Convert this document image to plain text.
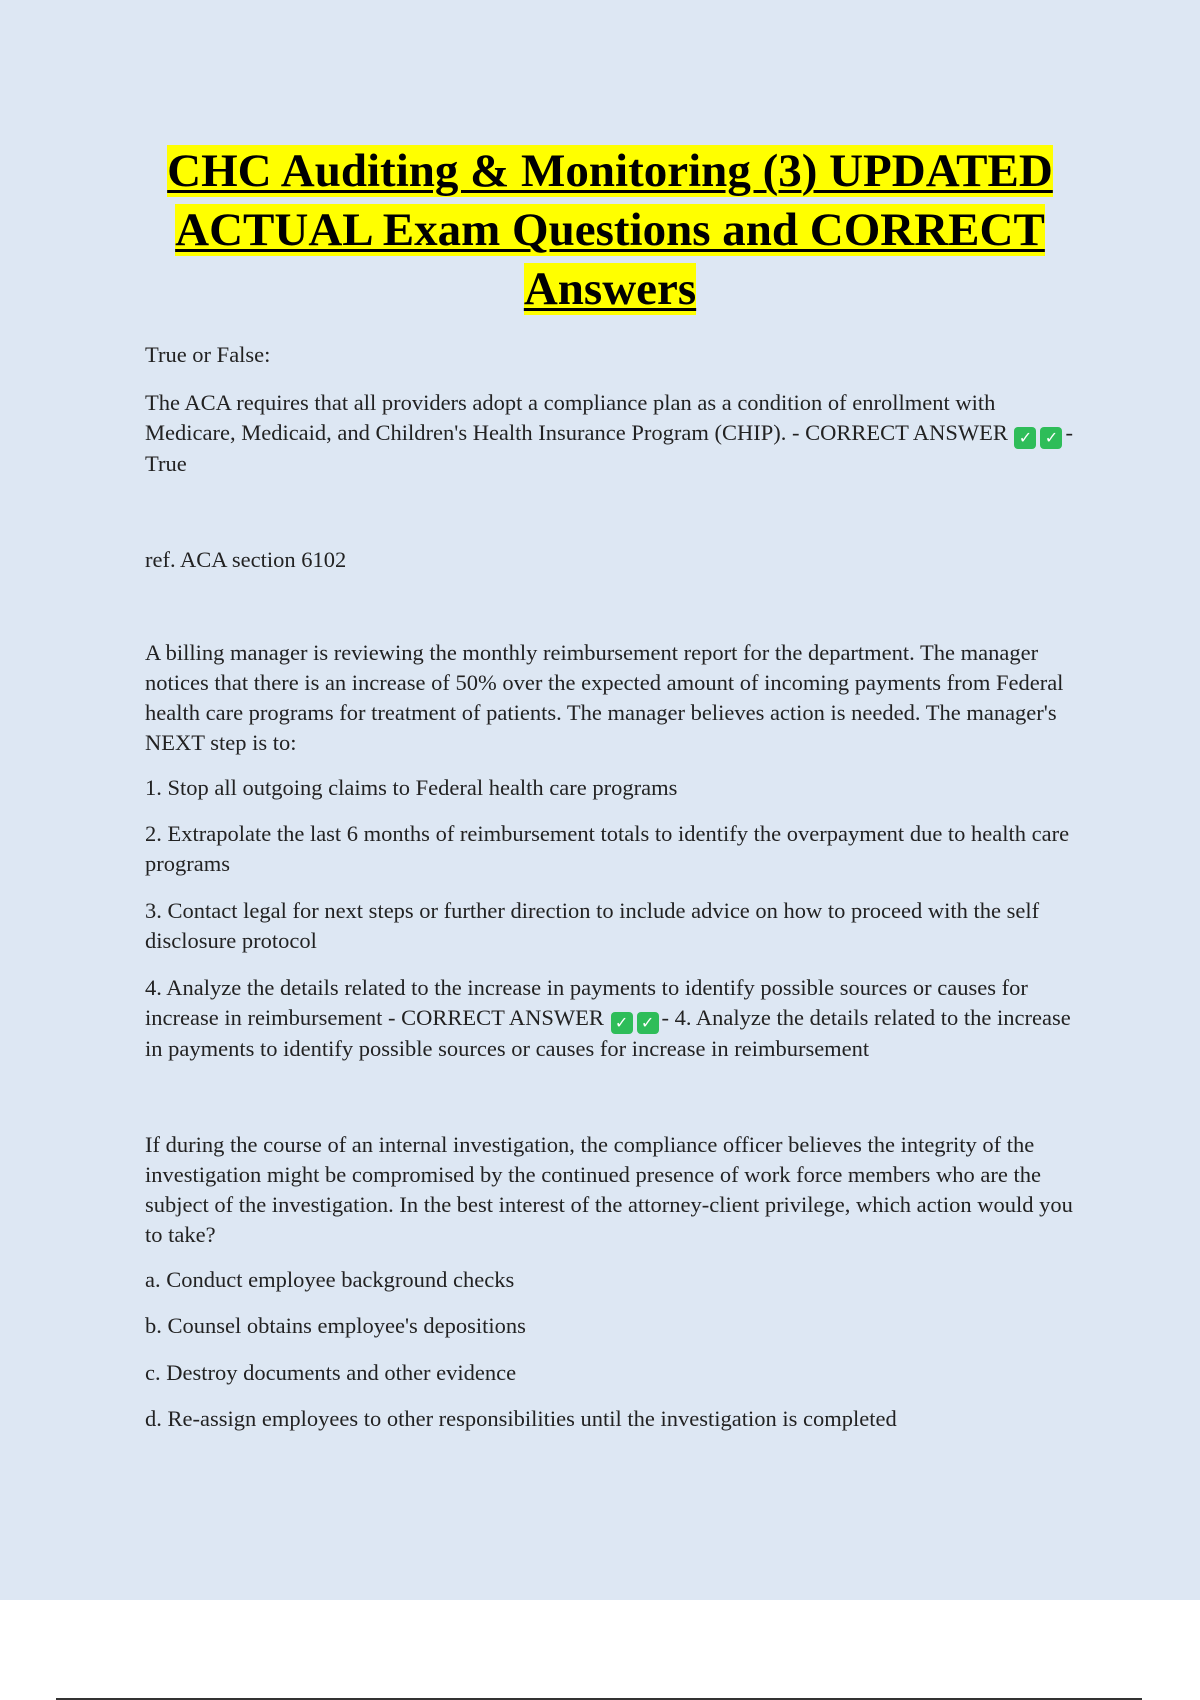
CHC Auditing & Monitoring (3) UPDATED ACTUAL Exam Questions and CORRECT Answers

True or False:

The ACA requires that all providers adopt a compliance plan as a condition of enrollment with Medicare, Medicaid, and Children's Health Insurance Program (CHIP). - CORRECT ANSWER ✓ ✓ - True

ref. ACA section 6102

A billing manager is reviewing the monthly reimbursement report for the department. The manager notices that there is an increase of 50% over the expected amount of incoming payments from Federal health care programs for treatment of patients. The manager believes action is needed. The manager's NEXT step is to:

1. Stop all outgoing claims to Federal health care programs

2. Extrapolate the last 6 months of reimbursement totals to identify the overpayment due to health care programs

3. Contact legal for next steps or further direction to include advice on how to proceed with the self disclosure protocol

4. Analyze the details related to the increase in payments to identify possible sources or causes for increase in reimbursement - CORRECT ANSWER ✓ ✓ - 4. Analyze the details related to the increase in payments to identify possible sources or causes for increase in reimbursement

If during the course of an internal investigation, the compliance officer believes the integrity of the investigation might be compromised by the continued presence of work force members who are the subject of the investigation. In the best interest of the attorney-client privilege, which action would you to take?

a. Conduct employee background checks

b. Counsel obtains employee's depositions

c. Destroy documents and other evidence

d. Re-assign employees to other responsibilities until the investigation is completed
